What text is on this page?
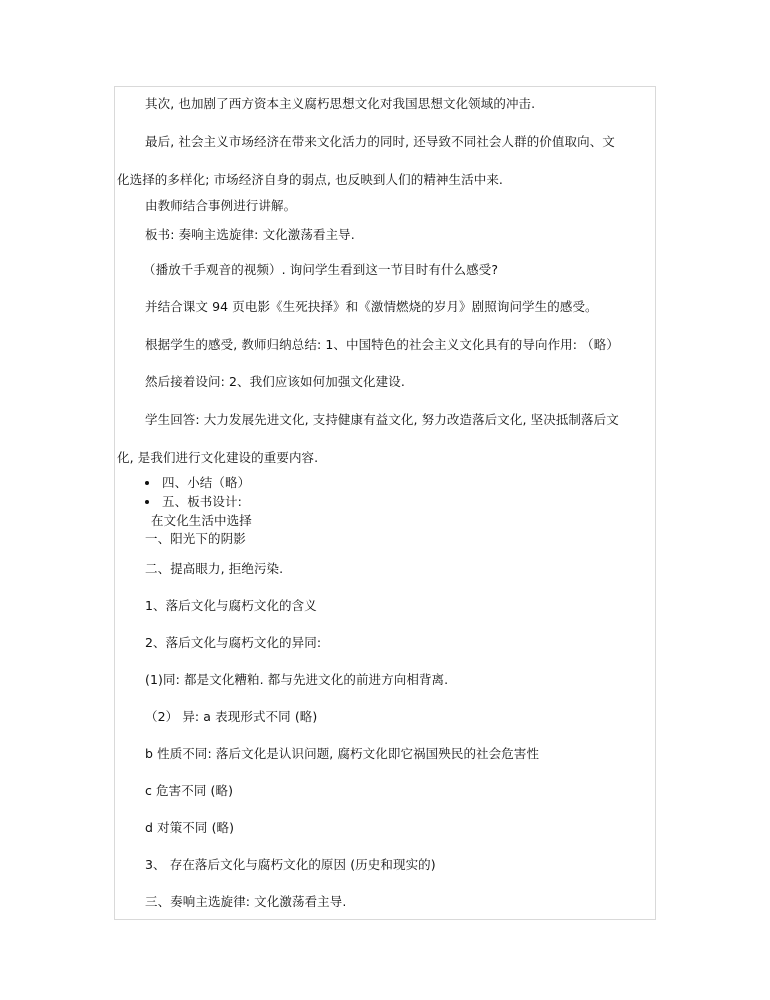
其次, 也加剧了西方资本主义腐朽思想文化对我国思想文化领域的冲击.
最后, 社会主义市场经济在带来文化活力的同时, 还导致不同社会人群的价值取向、文
化选择的多样化; 市场经济自身的弱点, 也反映到人们的精神生活中来.
由教师结合事例进行讲解。
板书: 奏响主选旋律: 文化激荡看主导.
（播放千手观音的视频）. 询问学生看到这一节目时有什么感受?
并结合课文 94 页电影《生死抉择》和《激情燃烧的岁月》剧照询问学生的感受。
根据学生的感受, 教师归纳总结: 1、中国特色的社会主义文化具有的导向作用: （略）
然后接着设问: 2、我们应该如何加强文化建设.
学生回答: 大力发展先进文化, 支持健康有益文化, 努力改造落后文化, 坚决抵制落后文
化, 是我们进行文化建设的重要内容.
四、小结（略）
五、板书设计:
在文化生活中选择
一、阳光下的阴影
二、提高眼力, 拒绝污染.
1、落后文化与腐朽文化的含义
2、落后文化与腐朽文化的异同:
(1)同: 都是文化糟粕. 都与先进文化的前进方向相背离.
（2） 异: a 表现形式不同 (略)
b 性质不同: 落后文化是认识问题, 腐朽文化即它祸国殃民的社会危害性
c 危害不同 (略)
d 对策不同 (略)
3、 存在落后文化与腐朽文化的原因 (历史和现实的)
三、奏响主选旋律: 文化激荡看主导.
